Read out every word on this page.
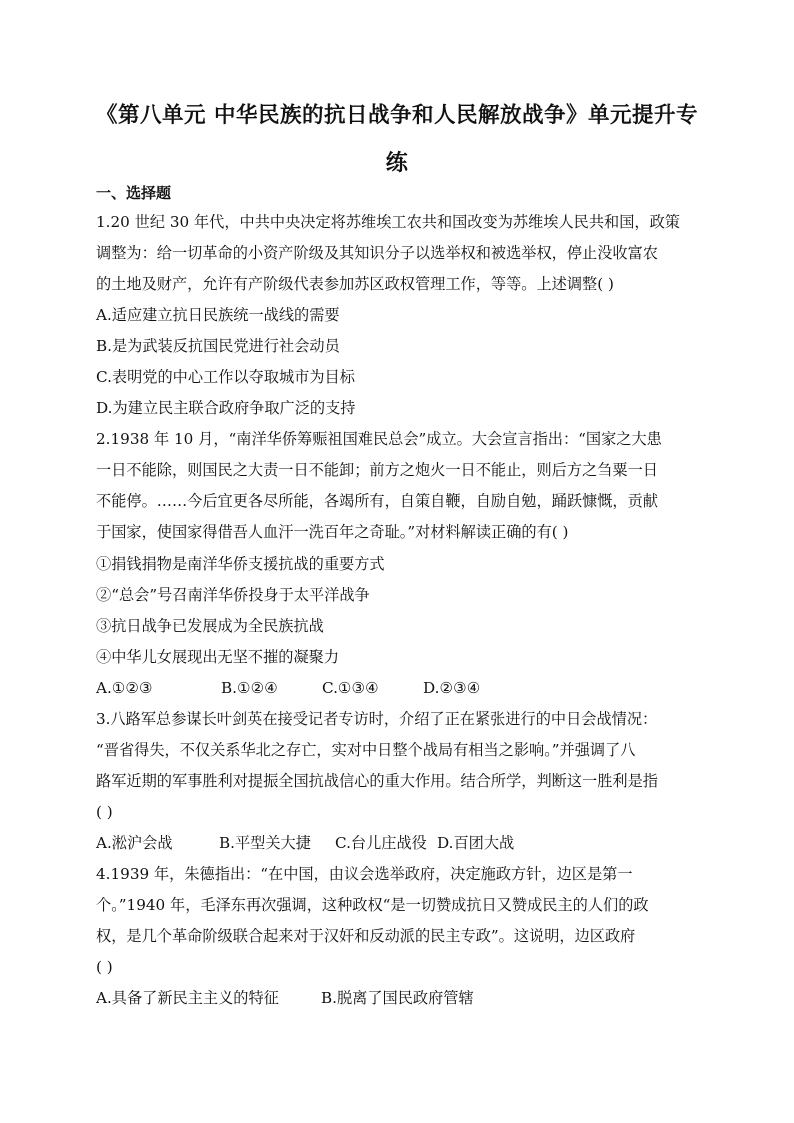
《第八单元 中华民族的抗日战争和人民解放战争》单元提升专
练
一、选择题
1.20 世纪 30 年代，中共中央决定将苏维埃工农共和国改变为苏维埃人民共和国，政策
调整为：给一切革命的小资产阶级及其知识分子以选举权和被选举权，停止没收富农
的土地及财产，允许有产阶级代表参加苏区政权管理工作，等等。上述调整( )
A.适应建立抗日民族统一战线的需要
B.是为武装反抗国民党进行社会动员
C.表明党的中心工作以夺取城市为目标
D.为建立民主联合政府争取广泛的支持
2.1938 年 10 月，“南洋华侨筹赈祖国难民总会”成立。大会宣言指出：“国家之大患
一日不能除，则国民之大责一日不能卸；前方之炮火一日不能止，则后方之刍粟一日
不能停。……今后宜更各尽所能，各竭所有，自策自鞭，自励自勉，踊跃慷慨，贡献
于国家，使国家得借吾人血汗一洗百年之奇耻。”对材料解读正确的有( )
①捐钱捐物是南洋华侨支援抗战的重要方式
②“总会”号召南洋华侨投身于太平洋战争
③抗日战争已发展成为全民族抗战
④中华儿女展现出无坚不摧的凝聚力
A.①②③	B.①②④	C.①③④	D.②③④
3.八路军总参谋长叶剑英在接受记者专访时，介绍了正在紧张进行的中日会战情况：
“晋省得失，不仅关系华北之存亡，实对中日整个战局有相当之影响。”并强调了八
路军近期的军事胜利对提振全国抗战信心的重大作用。结合所学，判断这一胜利是指
( )
A.淞沪会战	B.平型关大捷 C.台儿庄战役 D.百团大战
4.1939 年，朱德指出：“在中国，由议会选举政府，决定施政方针，边区是第一
个。”1940 年，毛泽东再次强调，这种政权“是一切赞成抗日又赞成民主的人们的政
权，是几个革命阶级联合起来对于汉奸和反动派的民主专政”。这说明，边区政府
( )
A.具备了新民主主义的特征	B.脱离了国民政府管辖
